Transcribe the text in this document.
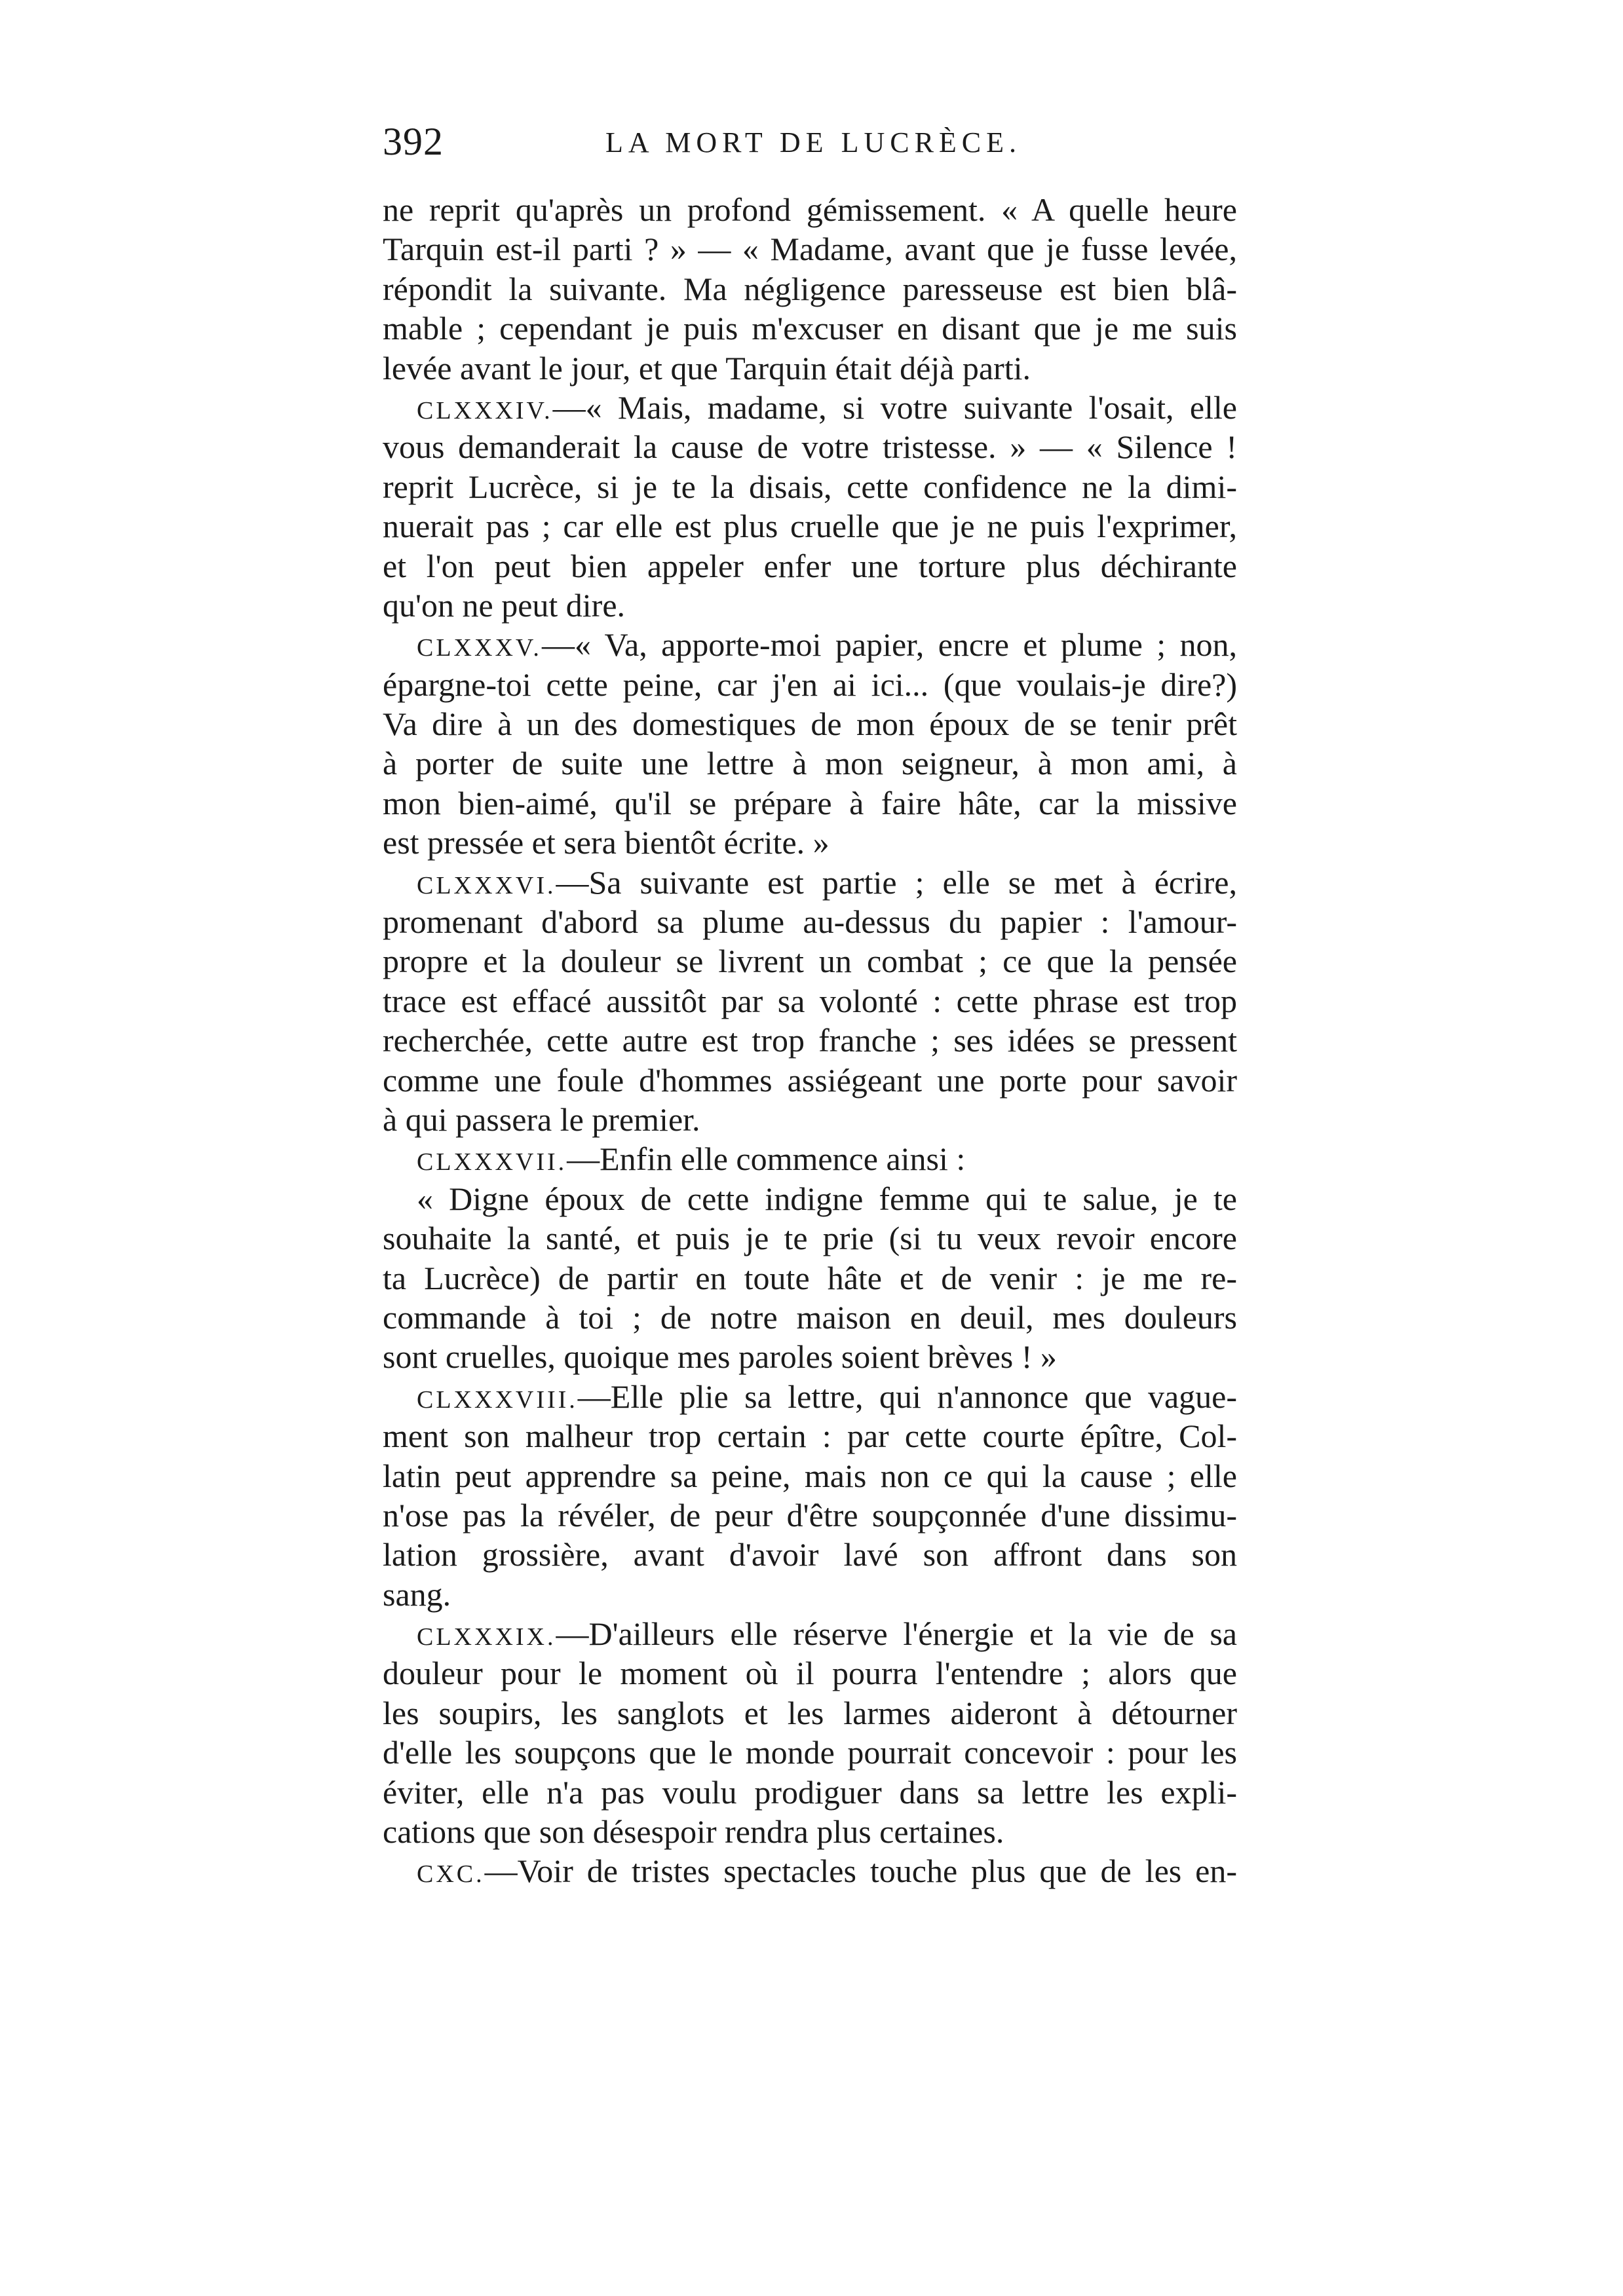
392	LA MORT DE LUCRÈCE.
ne reprit qu'après un profond gémissement. « A quelle heure
Tarquin est-il parti ? » — « Madame, avant que je fusse levée,
répondit la suivante. Ma négligence paresseuse est bien blâ-
mable ; cependant je puis m'excuser en disant que je me suis
levée avant le jour, et que Tarquin était déjà parti.
CLXXXIV.—« Mais, madame, si votre suivante l'osait, elle
vous demanderait la cause de votre tristesse. » — « Silence !
reprit Lucrèce, si je te la disais, cette confidence ne la dimi-
nuerait pas ; car elle est plus cruelle que je ne puis l'exprimer,
et l'on peut bien appeler enfer une torture plus déchirante
qu'on ne peut dire.
CLXXXV.—« Va, apporte-moi papier, encre et plume ; non,
épargne-toi cette peine, car j'en ai ici... (que voulais-je dire?)
Va dire à un des domestiques de mon époux de se tenir prêt
à porter de suite une lettre à mon seigneur, à mon ami, à
mon bien-aimé, qu'il se prépare à faire hâte, car la missive
est pressée et sera bientôt écrite. »
CLXXXVI.—Sa suivante est partie ; elle se met à écrire,
promenant d'abord sa plume au-dessus du papier : l'amour-
propre et la douleur se livrent un combat ; ce que la pensée
trace est effacé aussitôt par sa volonté : cette phrase est trop
recherchée, cette autre est trop franche ; ses idées se pressent
comme une foule d'hommes assiégeant une porte pour savoir
à qui passera le premier.
CLXXXVII.—Enfin elle commence ainsi :
« Digne époux de cette indigne femme qui te salue, je te
souhaite la santé, et puis je te prie (si tu veux revoir encore
ta Lucrèce) de partir en toute hâte et de venir : je me re-
commande à toi ; de notre maison en deuil, mes douleurs
sont cruelles, quoique mes paroles soient brèves ! »
CLXXXVIII.—Elle plie sa lettre, qui n'annonce que vague-
ment son malheur trop certain : par cette courte épître, Col-
latin peut apprendre sa peine, mais non ce qui la cause ; elle
n'ose pas la révéler, de peur d'être soupçonnée d'une dissimu-
lation grossière, avant d'avoir lavé son affront dans son
sang.
CLXXXIX.—D'ailleurs elle réserve l'énergie et la vie de sa
douleur pour le moment où il pourra l'entendre ; alors que
les soupirs, les sanglots et les larmes aideront à détourner
d'elle les soupçons que le monde pourrait concevoir : pour les
éviter, elle n'a pas voulu prodiguer dans sa lettre les expli-
cations que son désespoir rendra plus certaines.
CXC.—Voir de tristes spectacles touche plus que de les en-
